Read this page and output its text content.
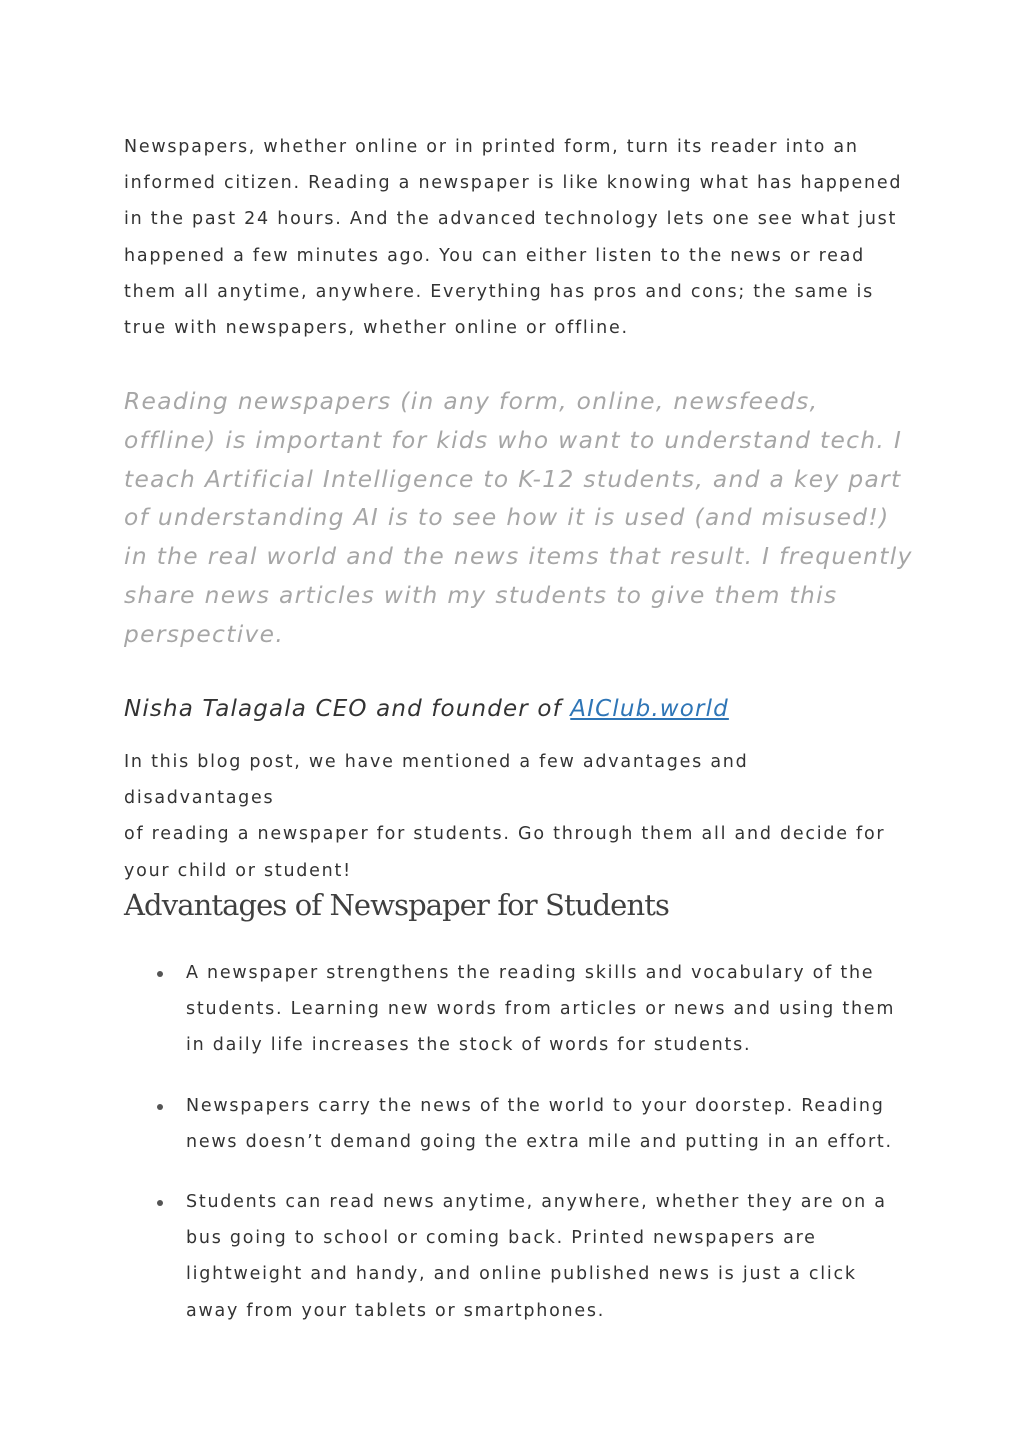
Newspapers, whether online or in printed form, turn its reader into an
informed citizen. Reading a newspaper is like knowing what has happened
in the past 24 hours. And the advanced technology lets one see what just
happened a few minutes ago. You can either listen to the news or read
them all anytime, anywhere. Everything has pros and cons; the same is
true with newspapers, whether online or offline.

Reading newspapers (in any form, online, newsfeeds,
offline) is important for kids who want to understand tech. I
teach Artificial Intelligence to K-12 students, and a key part
of understanding AI is to see how it is used (and misused!)
in the real world and the news items that result. I frequently
share news articles with my students to give them this
perspective.

Nisha Talagala CEO and founder of AIClub.world

In this blog post, we have mentioned a few advantages and disadvantages
of reading a newspaper for students. Go through them all and decide for
your child or student!

Advantages of Newspaper for Students
A newspaper strengthens the reading skills and vocabulary of the
students. Learning new words from articles or news and using them
in daily life increases the stock of words for students.
Newspapers carry the news of the world to your doorstep. Reading
news doesn’t demand going the extra mile and putting in an effort.
Students can read news anytime, anywhere, whether they are on a
bus going to school or coming back. Printed newspapers are
lightweight and handy, and online published news is just a click
away from your tablets or smartphones.
